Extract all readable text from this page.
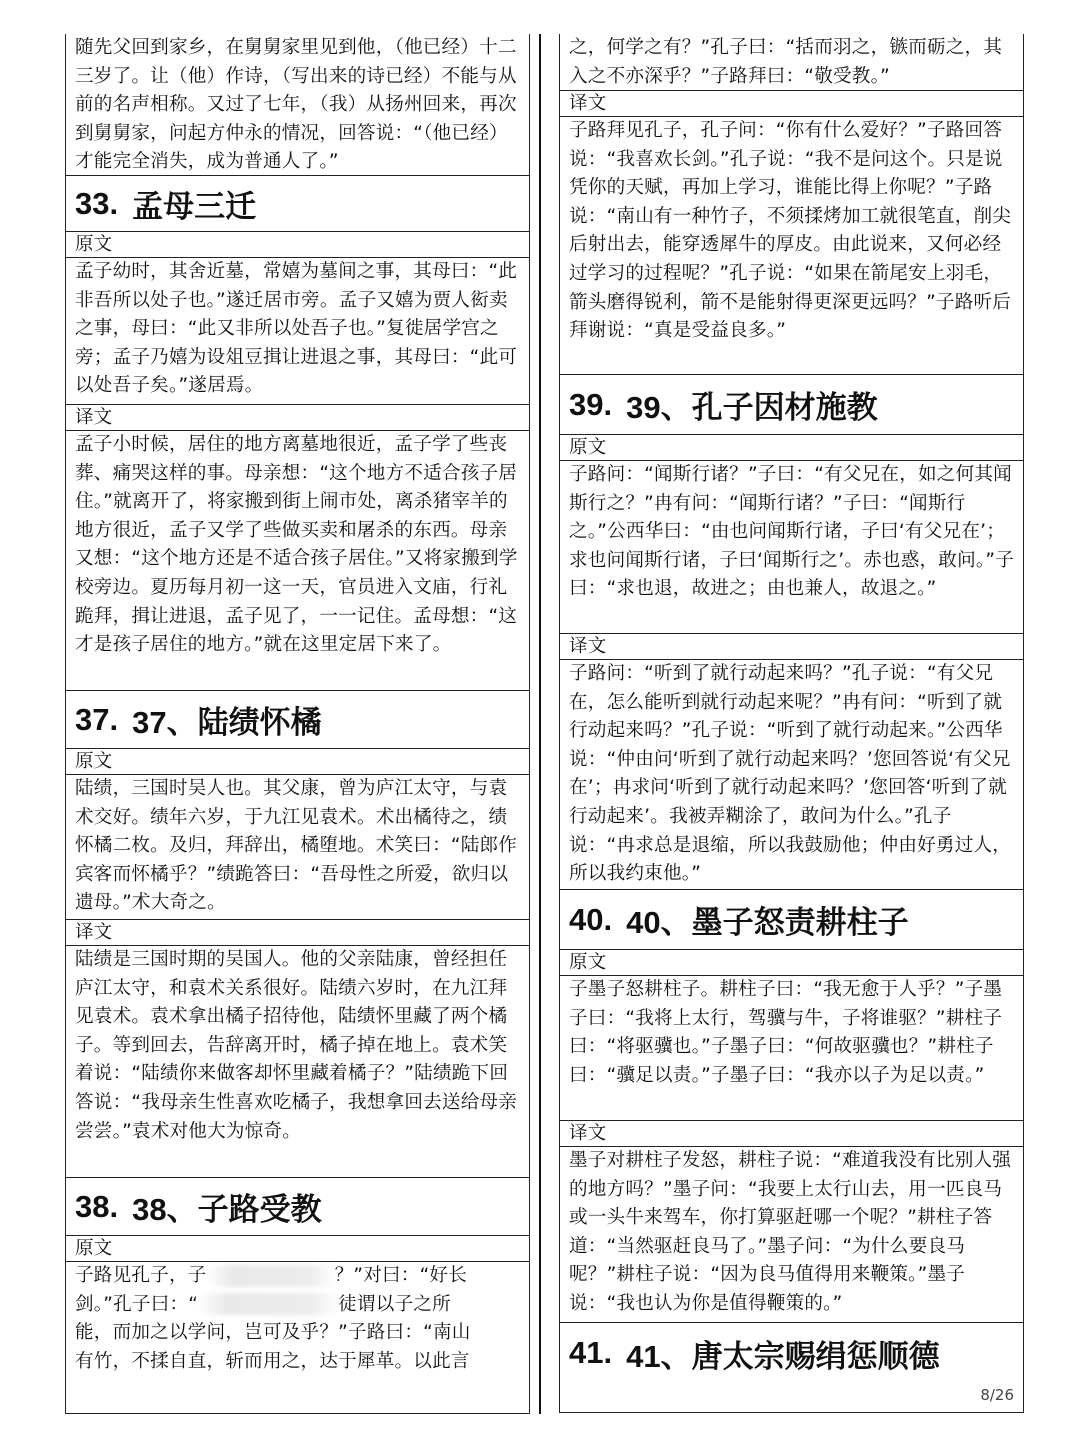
随先父回到家乡，在舅舅家里见到他，（他已经）十二三岁了。让（他）作诗，（写出来的诗已经）不能与从前的名声相称。又过了七年，（我）从扬州回来，再次到舅舅家，问起方仲永的情况，回答说：“（他已经）才能完全消失，成为普通人了。”
33. 孟母三迁
原文
孟子幼时，其舍近墓，常嬉为墓间之事，其母曰：“此非吾所以处子也。”遂迁居市旁。孟子又嬉为贾人衒卖之事，母曰：“此又非所以处吾子也。”复徙居学宫之旁；孟子乃嬉为设俎豆揖让进退之事，其母曰：“此可以处吾子矣。”遂居焉。
译文
孟子小时候，居住的地方离墓地很近，孟子学了些丧葬、痛哭这样的事。母亲想：“这个地方不适合孩子居住。”就离开了，将家搬到街上闹市处，离杀猪宰羊的地方很近，孟子又学了些做买卖和屠杀的东西。母亲又想：“这个地方还是不适合孩子居住。”又将家搬到学校旁边。夏历每月初一这一天，官员进入文庙，行礼跪拜，揖让进退，孟子见了，一一记住。孟母想：“这才是孩子居住的地方。”就在这里定居下来了。
37. 37、陆绩怀橘
原文
陆绩，三国时吴人也。其父康，曾为庐江太守，与袁术交好。绩年六岁，于九江见袁术。术出橘待之，绩怀橘二枚。及归，拜辞出，橘堕地。术笑曰：“陆郎作宾客而怀橘乎？”绩跪答曰：“吾母性之所爱，欲归以遗母。”术大奇之。
译文
陆绩是三国时期的吴国人。他的父亲陆康，曾经担任庐江太守，和袁术关系很好。陆绩六岁时，在九江拜见袁术。袁术拿出橘子招待他，陆绩怀里藏了两个橘子。等到回去，告辞离开时，橘子掉在地上。袁术笑着说：“陆绩你来做客却怀里藏着橘子？”陆绩跪下回答说：“我母亲生性喜欢吃橘子，我想拿回去送给母亲尝尝。”袁术对他大为惊奇。
38. 38、子路受教
原文
子路见孔子，子	？”对曰：“好长
剑。”孔子曰：“	徒谓以子之所
能，而加之以学问，岂可及乎？”子路曰：“南山
有竹，不揉自直，斩而用之，达于犀革。以此言
之，何学之有？”孔子曰：“括而羽之，镞而砺之，其入之不亦深乎？”子路拜曰：“敬受教。”
译文
子路拜见孔子，孔子问：“你有什么爱好？”子路回答说：“我喜欢长剑。”孔子说：“我不是问这个。只是说凭你的天赋，再加上学习，谁能比得上你呢？”子路说：“南山有一种竹子，不须揉烤加工就很笔直，削尖后射出去，能穿透犀牛的厚皮。由此说来，又何必经过学习的过程呢？”孔子说：“如果在箭尾安上羽毛，箭头磨得锐利，箭不是能射得更深更远吗？”子路听后拜谢说：“真是受益良多。”
39. 39、孔子因材施教
原文
子路问：“闻斯行诸？”子曰：“有父兄在，如之何其闻斯行之？”冉有问：“闻斯行诸？”子曰：“闻斯行之。”公西华曰：“由也问闻斯行诸，子曰‘有父兄在’；求也问闻斯行诸，子曰‘闻斯行之’。赤也惑，敢问。”子曰：“求也退，故进之；由也兼人，故退之。”
译文
子路问：“听到了就行动起来吗？”孔子说：“有父兄在，怎么能听到就行动起来呢？”冉有问：“听到了就行动起来吗？”孔子说：“听到了就行动起来。”公西华说：“仲由问‘听到了就行动起来吗？’您回答说‘有父兄在’；冉求问‘听到了就行动起来吗？’您回答‘听到了就行动起来’。我被弄糊涂了，敢问为什么。”孔子说：“冉求总是退缩，所以我鼓励他；仲由好勇过人，所以我约束他。”
40. 40、墨子怒责耕柱子
原文
子墨子怒耕柱子。耕柱子曰：“我无愈于人乎？”子墨子曰：“我将上太行，驾骥与牛，子将谁驱？”耕柱子曰：“将驱骥也。”子墨子曰：“何故驱骥也？”耕柱子曰：“骥足以责。”子墨子曰：“我亦以子为足以责。”
译文
墨子对耕柱子发怒，耕柱子说：“难道我没有比别人强的地方吗？”墨子问：“我要上太行山去，用一匹良马或一头牛来驾车，你打算驱赶哪一个呢？”耕柱子答道：“当然驱赶良马了。”墨子问：“为什么要良马呢？”耕柱子说：“因为良马值得用来鞭策。”墨子说：“我也认为你是值得鞭策的。”
41. 41、唐太宗赐绢惩顺德
8/26
